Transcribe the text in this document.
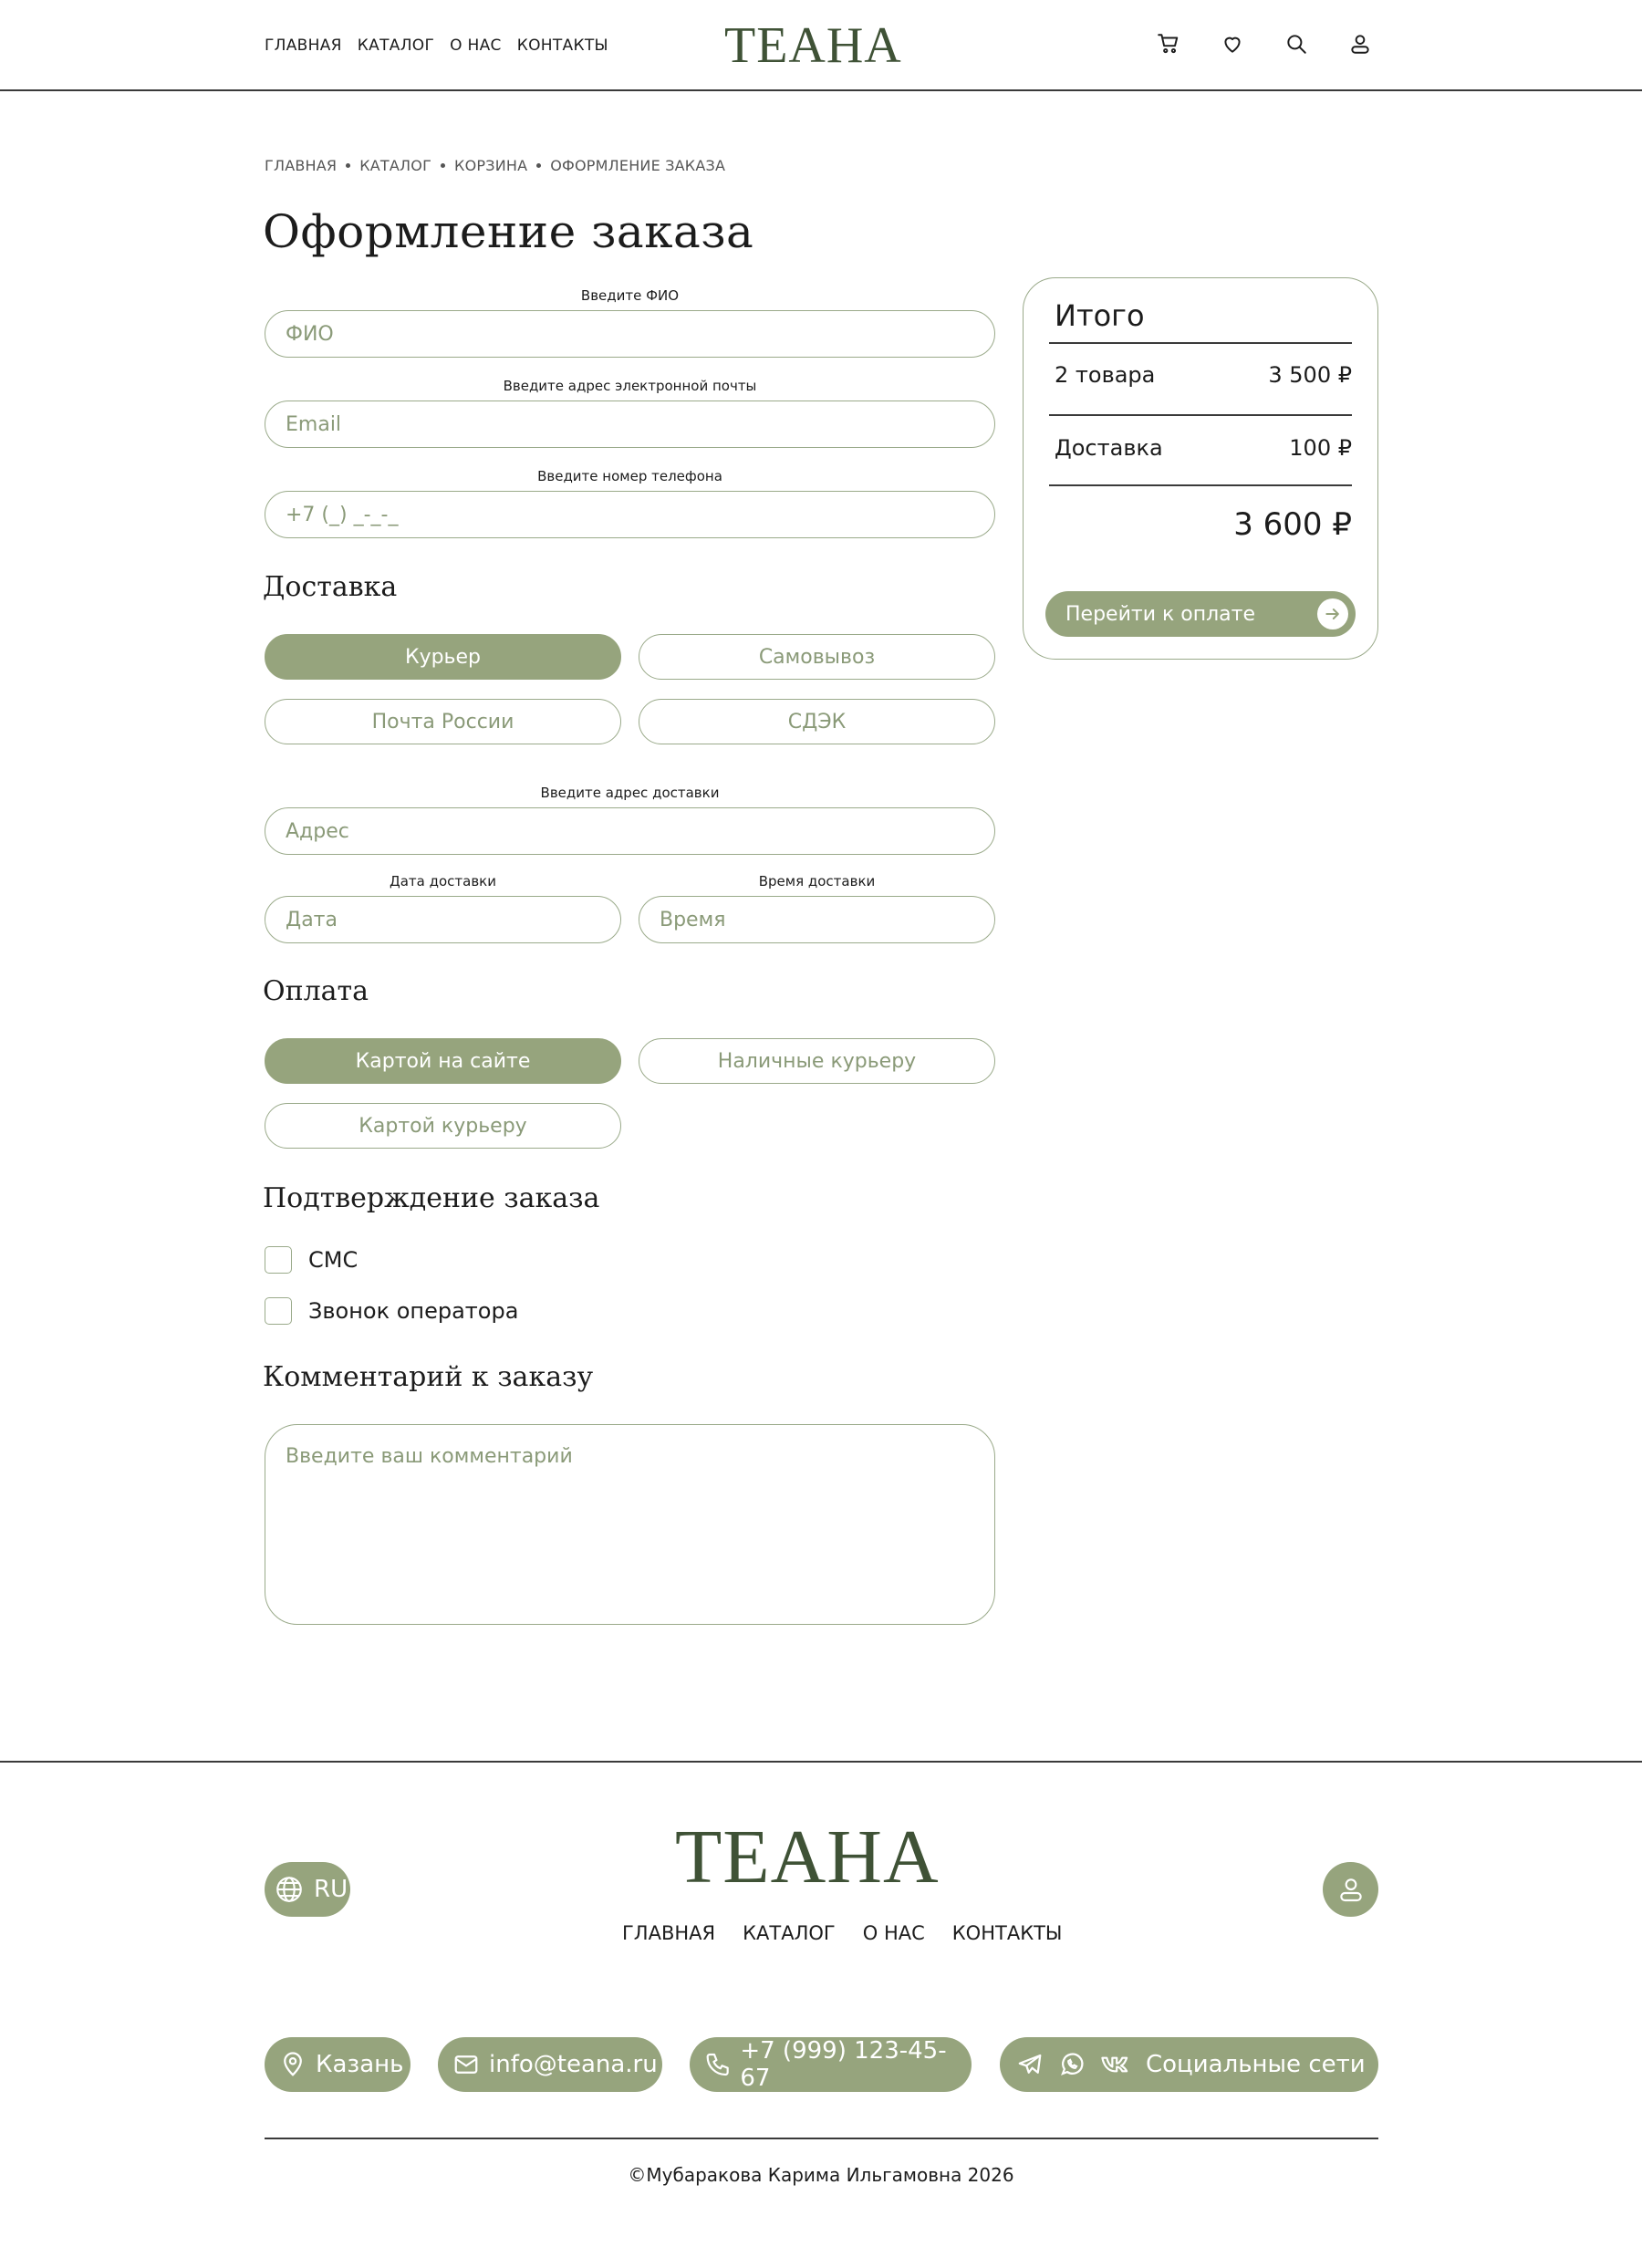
ГЛАВНАЯ КАТАЛОГ О НАС КОНТАКТЫ ТЕАНА
ГЛАВНАЯ КАТАЛОГ КОРЗИНА ОФОРМЛЕНИЕ ЗАКАЗА
Оформление заказа
Введите ФИО
ФИО
Введите адрес электронной почты
Email
Введите номер телефона
+7 (_) _-_-_
Доставка
Курьер	Самовывоз
Почта России	СДЭК
Введите адрес доставки
Адрес
Дата доставки
Дата
Время доставки
Время
Оплата
Картой на сайте	Наличные курьеру
Картой курьеру
Подтверждение заказа
СМС
Звонок оператора
Комментарий к заказу
Введите ваш комментарий
Итого
2 товара	3 500 ₽
Доставка	100 ₽
3 600 ₽
Перейти к оплате
RU	ТЕАНА
ГЛАВНАЯ КАТАЛОГ О НАС КОНТАКТЫ
Казань	info@teana.ru	+7 (999) 123-45-67	Социальные сети
©Мубаракова Карима Ильгамовна 2026
